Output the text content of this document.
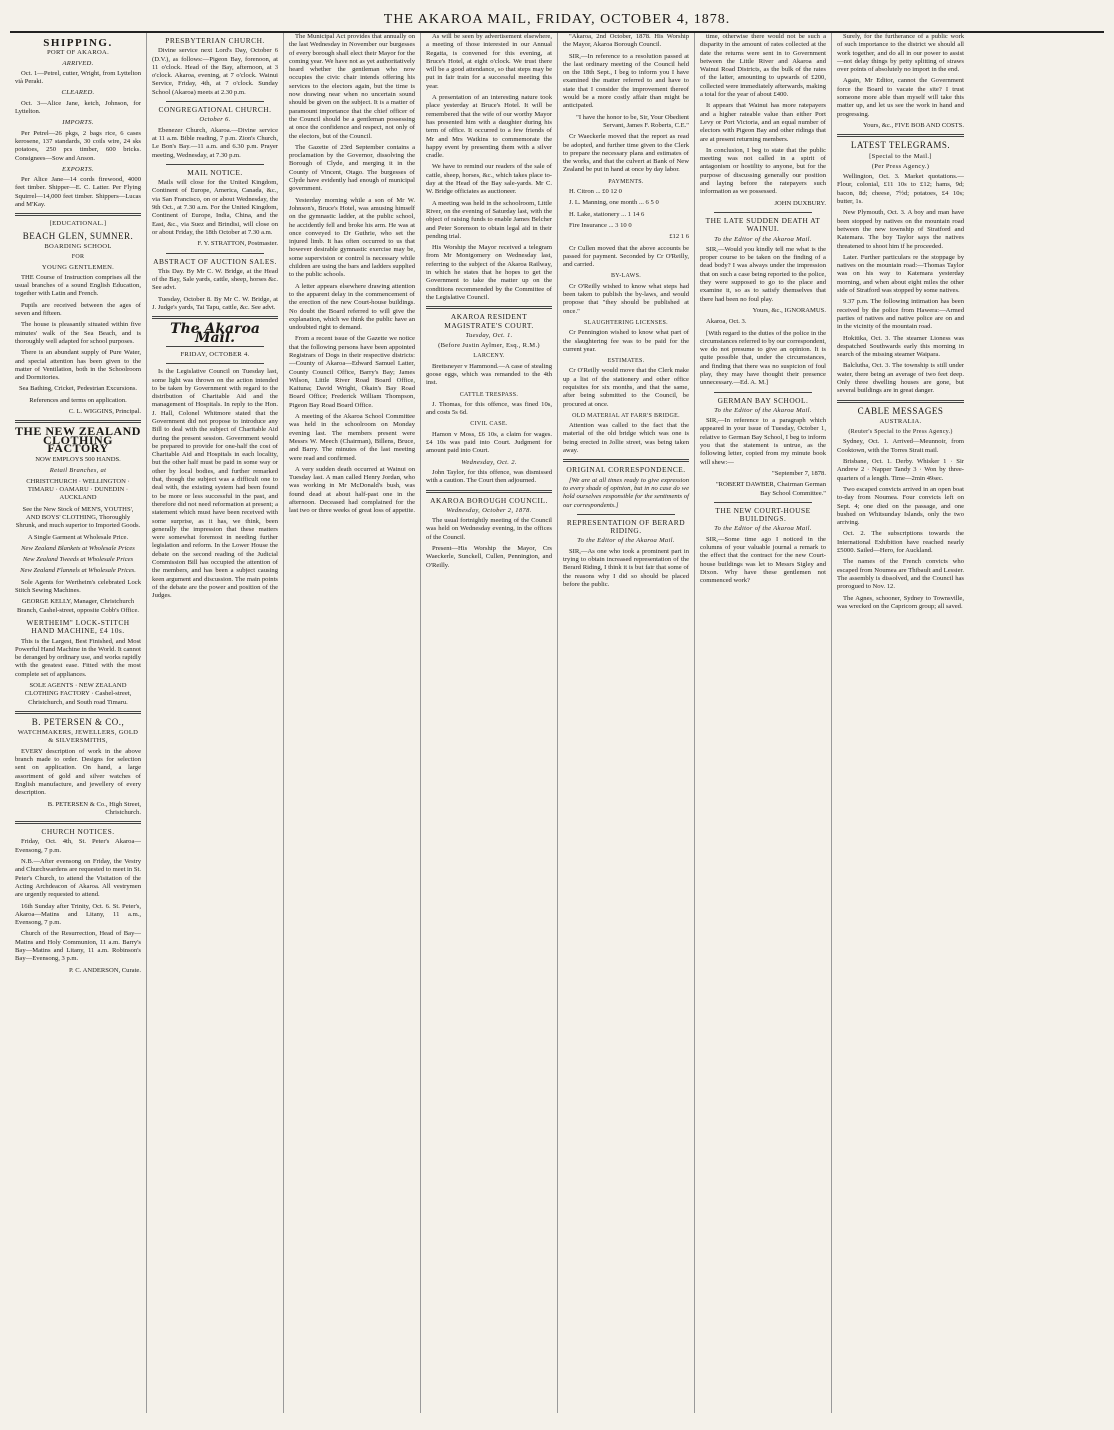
THE AKAROA MAIL, FRIDAY, OCTOBER 4, 1878.
SHIPPING.
PORT OF AKAROA.
ARRIVED.

Oct. 1—Petrel, cutter, Wright, from Lyttelton vià Peraki.

CLEARED.

Oct. 3—Alice Jane, ketch, Johnson, for Lyttelton.

IMPORTS.

Per Petrel—26 pkgs, 2 bags rice, 6 cases kerosene, 137 standards, 30 coils wire, 24 sks potatoes, 250 pcs timber, 600 bricks. Consignees—Sow and Anson.

EXPORTS.

Per Alice Jane—14 cords firewood, 4000 feet timber. Shipper—E. C. Latter. Per Flying Squirrel—14,000 feet timber. Shippers—Lucas and M'Kay.

[EDUCATIONAL.]
BEACH GLEN, SUMNER.
BOARDING SCHOOL
FOR
YOUNG GENTLEMEN.

THE Course of Instruction comprises all the usual branches of a sound English Education, together with Latin and French.

Pupils are received between the ages of seven and fifteen.

The house is pleasantly situated within five minutes' walk of the Sea Beach, and is thoroughly well adapted for school purposes.

There is an abundant supply of Pure Water, and special attention has been given to the matter of Ventilation, both in the Schoolroom and Dormitories.

Sea Bathing, Cricket, Pedestrian Excursions.

References and terms on application.

C. L. WIGGINS, Principal.

THE NEW ZEALAND CLOTHING FACTORY

NOW EMPLOYS 500 HANDS.

Retail Branches, at

CHRISTCHURCH · WELLINGTON · TIMARU · OAMARU · DUNEDIN · AUCKLAND

See the New Stock of MEN'S, YOUTHS', AND BOYS' CLOTHING, Thoroughly Shrunk, and much superior to Imported Goods.

A Single Garment at Wholesale Price.

New Zealand Blankets at Wholesale Prices

New Zealand Tweeds at Wholesale Prices

New Zealand Flannels at Wholesale Prices.

Sole Agents for Wertheim's celebrated Lock Stitch Sewing Machines.

GEORGE KELLY, Manager, Christchurch Branch, Cashel-street, opposite Cobb's Office.

WERTHEIM" LOCK-STITCH HAND MACHINE, £4 10s.

This is the Largest, Best Finished, and Most Powerful Hand Machine in the World. It cannot be deranged by ordinary use, and works rapidly with the greatest ease. Fitted with the most complete set of appliances.

SOLE AGENTS · NEW ZEALAND CLOTHING FACTORY · Cashel-street, Christchurch, and South road Timaru.

B. PETERSEN & CO.,
WATCHMAKERS, JEWELLERS, GOLD & SILVERSMITHS,

EVERY description of work in the above branch made to order. Designs for selection sent on application. On hand, a large assortment of gold and silver watches of English manufacture, and jewellery of every description.

B. PETERSEN & Co., High Street, Christchurch.

CHURCH NOTICES.

Friday, Oct. 4th, St. Peter's Akaroa—Evensong, 7 p.m.

N.B.—After evensong on Friday, the Vestry and Churchwardens are requested to meet in St. Peter's Church, to attend the Visitation of the Acting Archdeacon of Akaroa. All vestrymen are urgently requested to attend.

16th Sunday after Trinity, Oct. 6. St. Peter's, Akaroa—Matins and Litany, 11 a.m., Evensong, 7 p.m.

Church of the Resurrection, Head of Bay—Matins and Holy Communion, 11 a.m. Barry's Bay—Matins and Litany, 11 a.m. Robinson's Bay—Evensong, 3 p.m.

P. C. ANDERSON, Curate.

PRESBYTERIAN CHURCH.

Divine service next Lord's Day, October 6 (D.V.), as follows:—Pigeon Bay, forenoon, at 11 o'clock. Head of the Bay, afternoon, at 3 o'clock. Akaroa, evening, at 7 o'clock. Wainui Service, Friday, 4th, at 7 o'clock. Sunday School (Akaroa) meets at 2.30 p.m.

CONGREGATIONAL CHURCH.
October 6.

Ebenezer Church, Akaroa.—Divine service at 11 a.m. Bible reading, 7 p.m. Zion's Church, Le Bon's Bay.—11 a.m. and 6.30 p.m. Prayer meeting, Wednesday, at 7.30 p.m.

MAIL NOTICE.

Mails will close for the United Kingdom, Continent of Europe, America, Canada, &c., via San Francisco, on or about Wednesday, the 9th Oct., at 7.30 a.m. For the United Kingdom, Continent of Europe, India, China, and the East, &c., via Suez and Brindisi, will close on or about Friday, the 18th October at 7.30 a.m.

F. Y. STRATTON, Postmaster.

ABSTRACT OF AUCTION SALES.

This Day. By Mr C. W. Bridge, at the Head of the Bay, Sale yards, cattle, sheep, horses &c. See advt.

Tuesday, October 8. By Mr C. W. Bridge, at J. Judge's yards, Tai Tapu, cattle, &c. See advt.

The Akaroa Mail.
FRIDAY, OCTOBER 4.

Is the Legislative Council on Tuesday last, some light was thrown on the action intended to be taken by Government with regard to the distribution of Charitable Aid and the management of Hospitals. In reply to the Hon. J. Hall, Colonel Whitmore stated that the Government did not propose to introduce any Bill to deal with the subject of Charitable Aid during the present session. Government would be prepared to provide for one-half the cost of Charitable Aid and Hospitals in each locality, but the other half must be paid in some way or other by local bodies, and further remarked that, though the subject was a difficult one to deal with, the existing system had been found to be more or less successful in the past, and therefore did not need reformation at present; a statement which must have been received with some surprise, as it has, we think, been generally the impression that these matters were somewhat foremost in needing further legislation and reform. In the Lower House the debate on the second reading of the Judicial Commission Bill has occupied the attention of the members, and has been a subject causing keen argument and discussion. The main points of the debate are the power and position of the Judges.

The Municipal Act provides that annually on the last Wednesday in November our burgesses of every borough shall elect their Mayor for the coming year. We have not as yet authoritatively heard whether the gentleman who now occupies the civic chair intends offering his services to the electors again, but the time is now drawing near when no uncertain sound should be given on the subject. It is a matter of paramount importance that the chief officer of the Council should be a gentleman possessing at once the confidence and respect, not only of the electors, but of the Council.

The Gazette of 23rd September contains a proclamation by the Governor, dissolving the Borough of Clyde, and merging it in the County of Vincent, Otago. The burgesses of Clyde have evidently had enough of municipal government.

Yesterday morning while a son of Mr W. Johnson's, Bruce's Hotel, was amusing himself on the gymnastic ladder, at the public school, he accidently fell and broke his arm. He was at once conveyed to Dr Guthrie, who set the injured limb. It has often occurred to us that however desirable gymnastic exercise may be, some supervision or control is necessary while children are using the bars and ladders supplied to the public schools.

A letter appears elsewhere drawing attention to the apparent delay in the commencement of the erection of the new Court-house buildings. No doubt the Board referred to will give the explanation, which we think the public have an undoubted right to demand.

From a recent issue of the Gazette we notice that the following persons have been appointed Registrars of Dogs in their respective districts:—County of Akaroa—Edward Samuel Latter, County Council Office, Barry's Bay; James Wilson, Little River Road Board Office, Kaituna; David Wright, Okain's Bay Road Board Office; Frederick William Thompson, Pigeon Bay Road Board Office.

A meeting of the Akaroa School Committee was held in the schoolroom on Monday evening last. The members present were Messrs W. Meech (Chairman), Billens, Bruce, and Barry. The minutes of the last meeting were read and confirmed.

A very sudden death occurred at Wainui on Tuesday last. A man called Henry Jordan, who was working in Mr McDonald's bush, was found dead at about half-past one in the afternoon. Deceased had complained for the last two or three weeks of great loss of appetite.

As will be seen by advertisement elsewhere, a meeting of those interested in our Annual Regatta, is convened for this evening, at Bruce's Hotel, at eight o'clock. We trust there will be a good attendance, so that steps may be put in fair train for a successful meeting this year.

A presentation of an interesting nature took place yesterday at Bruce's Hotel. It will be remembered that the wife of our worthy Mayor has presented him with a daughter during his term of office. It occurred to a few friends of Mr and Mrs Watkins to commemorate the happy event by presenting them with a silver cradle.

We have to remind our readers of the sale of cattle, sheep, horses, &c., which takes place to-day at the Head of the Bay sale-yards. Mr C. W. Bridge officiates as auctioneer.

A meeting was held in the schoolroom, Little River, on the evening of Saturday last, with the object of raising funds to enable James Belcher and Peter Sorenson to obtain legal aid in their pending trial.

His Worship the Mayor received a telegram from Mr Montgomery on Wednesday last, referring to the subject of the Akaroa Railway, in which he states that he hopes to get the Government to take the matter up on the conditions recommended by the Committee of the Legislative Council.

AKAROA RESIDENT MAGISTRATE'S COURT.
Tuesday, Oct. 1.
(Before Justin Aylmer, Esq., R.M.)
LARCENY.

Brettsneyer v Hammond.—A case of stealing goose eggs, which was remanded to the 4th inst.

CATTLE TRESPASS.

J. Thomas, for this offence, was fined 10s, and costs 5s 6d.

CIVIL CASE.

Hamon v Moss, £6 10s, a claim for wages. £4 10s was paid into Court. Judgment for amount paid into Court.

Wednesday, Oct. 2.

John Taylor, for this offence, was dismissed with a caution. The Court then adjourned.

AKAROA BOROUGH COUNCIL.
Wednesday, October 2, 1878.

The usual fortnightly meeting of the Council was held on Wednesday evening, in the offices of the Council.

Present—His Worship the Mayor, Crs Waeckerle, Sunckell, Cullen, Pennington, and O'Reilly.

"Akaroa, 2nd October, 1878. His Worship the Mayor, Akaroa Borough Council.

SIR,—In reference to a resolution passed at the last ordinary meeting of the Council held on the 18th Sept., I beg to inform you I have examined the matter referred to and have to state that I consider the improvement thereof would be a more costly affair than might be anticipated.

"I have the honor to be, Sir, Your Obedient Servant, James F. Roberts, C.E."

Cr Waeckerle moved that the report as read be adopted, and further time given to the Clerk to prepare the necessary plans and estimates of the works, and that the culvert at Bank of New Zealand be put in hand at once by day labor.

PAYMENTS.

H. Citron ... £0 12 0

J. L. Manning, one month ... 6 5 0

H. Lake, stationery ... 1 14 6

Fire Insurance ... 3 10 0

£12 1 6

Cr Cullen moved that the above accounts be passed for payment. Seconded by Cr O'Reilly, and carried.

BY-LAWS.

Cr O'Reilly wished to know what steps had been taken to publish the by-laws, and would propose that "they should be published at once."

SLAUGHTERING LICENSES.

Cr Pennington wished to know what part of the slaughtering fee was to be paid for the current year.

ESTIMATES.

Cr O'Reilly would move that the Clerk make up a list of the stationery and other office requisites for six months, and that the same, after being submitted to the Council, be procured at once.

OLD MATERIAL AT FARR'S BRIDGE.

Attention was called to the fact that the material of the old bridge which was one is being erected in Jollie street, was being taken away.

ORIGINAL CORRESPONDENCE.

[We are at all times ready to give expression to every shade of opinion, but in no case do we hold ourselves responsible for the sentiments of our correspondents.]

REPRESENTATION OF BERARD RIDING.
To the Editor of the Akaroa Mail.

SIR,—As one who took a prominent part in trying to obtain increased representation of the Berard Riding, I think it is but fair that some of the reasons why I did so should be placed before the public.

time, otherwise there would not be such a disparity in the amount of rates collected at the date the returns were sent in to Government between the Little River and Akaroa and Wainui Road Districts, as the bulk of the rates of the latter, amounting to upwards of £200, collected were immediately afterwards, making a total for the year of about £400.

It appears that Wainui has more ratepayers and a higher rateable value than either Port Levy or Port Victoria, and an equal number of electors with Pigeon Bay and other ridings that are at present returning members.

In conclusion, I beg to state that the public meeting was not called in a spirit of antagonism or hostility to anyone, but for the purpose of discussing generally our position and laying before the ratepayers such information as we possessed.

JOHN DUXBURY.

THE LATE SUDDEN DEATH AT WAINUI.
To the Editor of the Akaroa Mail.

SIR,—Would you kindly tell me what is the proper course to be taken on the finding of a dead body? I was always under the impression that on such a case being reported to the police, they were supposed to go to the place and examine it, so as to satisfy themselves that there had been no foul play.

Yours, &c., IGNORAMUS.

Akaroa, Oct. 3.

[With regard to the duties of the police in the circumstances referred to by our correspondent, we do not presume to give an opinion. It is quite possible that, under the circumstances, and finding that there was no suspicion of foul play, they may have thought their presence unnecessary.—Ed. A. M.]

GERMAN BAY SCHOOL.
To the Editor of the Akaroa Mail.

SIR,—In reference to a paragraph which appeared in your issue of Tuesday, October 1, relative to German Bay School, I beg to inform you that the statement is untrue, as the following letter, copied from my minute book will shew:—

"September 7, 1878.

"ROBERT DAWBER, Chairman German Bay School Committee."

THE NEW COURT-HOUSE BUILDINGS.
To the Editor of the Akaroa Mail.

SIR,—Some time ago I noticed in the columns of your valuable journal a remark to the effect that the contract for the new Court-house buildings was let to Messrs Sigley and Dixon. Why have these gentlemen not commenced work?

Surely, for the furtherance of a public work of such importance to the district we should all work together, and do all in our power to assist—not delay things by petty splitting of straws over points of absolutely no import in the end.

Again, Mr Editor, cannot the Government force the Board to vacate the site? I trust someone more able than myself will take this matter up, and let us see the work in hand and progressing.

Yours, &c., FIVE BOB AND COSTS.

LATEST TELEGRAMS.
[Special to the Mail.]
(Per Press Agency.)

Wellington, Oct. 3. Market quotations.—Flour, colonial, £11 10s to £12; hams, 9d; bacon, 8d; cheese, 7½d; potatoes, £4 10s; butter, 1s.

New Plymouth, Oct. 3. A boy and man have been stopped by natives on the mountain road between the new township of Stratford and Katemara. The boy Taylor says the natives threatened to shoot him if he proceeded.

Later. Further particulars re the stoppage by natives on the mountain road:—Thomas Taylor was on his way to Katemara yesterday morning, and when about eight miles the other side of Stratford was stopped by some natives.

9.37 p.m. The following intimation has been received by the police from Hawera:—Armed parties of natives and native police are on and in the vicinity of the mountain road.

Hokitika, Oct. 3. The steamer Lioness was despatched Southwards early this morning in search of the missing steamer Waipara.

Balclutha, Oct. 3. The township is still under water, there being an average of two feet deep. Only three dwelling houses are gone, but several buildings are in great danger.

CABLE MESSAGES
AUSTRALIA.
(Reuter's Special to the Press Agency.)

Sydney, Oct. 1. Arrived—Meunnoir, from Cooktown, with the Torres Strait mail.

Brisbane, Oct. 1. Derby. Whisker 1 · Sir Andrew 2 · Napper Tandy 3 · Won by three-quarters of a length. Time—2min 49sec.

Two escaped convicts arrived in an open boat to-day from Noumea. Four convicts left on Sept. 4; one died on the passage, and one bushed on Whitsunday Islands, only the two arriving.

Oct. 2. The subscriptions towards the International Exhibition have reached nearly £5000. Sailed—Hero, for Auckland.

The names of the French convicts who escaped from Noumea are Thibault and Lessier. The assembly is dissolved, and the Council has prorogued to Nov. 12.

The Agnes, schooner, Sydney to Townsville, was wrecked on the Capricorn group; all saved.
